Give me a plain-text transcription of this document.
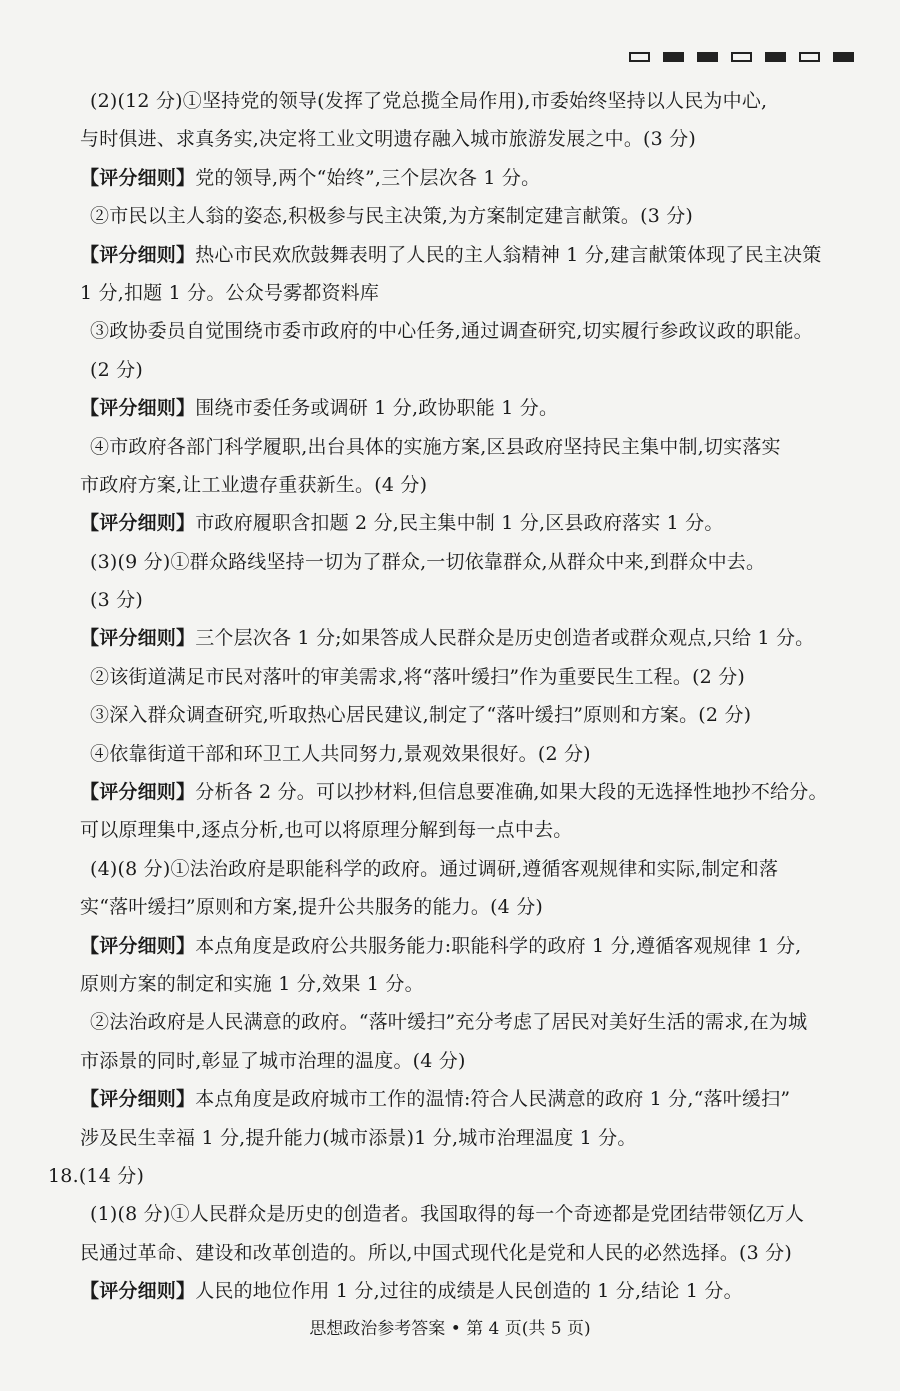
(2)(12 分)①坚持党的领导(发挥了党总揽全局作用),市委始终坚持以人民为中心,
与时俱进、求真务实,决定将工业文明遗存融入城市旅游发展之中。(3 分)
【评分细则】党的领导,两个“始终”,三个层次各 1 分。
②市民以主人翁的姿态,积极参与民主决策,为方案制定建言献策。(3 分)
【评分细则】热心市民欢欣鼓舞表明了人民的主人翁精神 1 分,建言献策体现了民主决策
1 分,扣题 1 分。公众号雾都资料库
③政协委员自觉围绕市委市政府的中心任务,通过调查研究,切实履行参政议政的职能。
(2 分)
【评分细则】围绕市委任务或调研 1 分,政协职能 1 分。
④市政府各部门科学履职,出台具体的实施方案,区县政府坚持民主集中制,切实落实
市政府方案,让工业遗存重获新生。(4 分)
【评分细则】市政府履职含扣题 2 分,民主集中制 1 分,区县政府落实 1 分。
(3)(9 分)①群众路线坚持一切为了群众,一切依靠群众,从群众中来,到群众中去。
(3 分)
【评分细则】三个层次各 1 分;如果答成人民群众是历史创造者或群众观点,只给 1 分。
②该街道满足市民对落叶的审美需求,将“落叶缓扫”作为重要民生工程。(2 分)
③深入群众调查研究,听取热心居民建议,制定了“落叶缓扫”原则和方案。(2 分)
④依靠街道干部和环卫工人共同努力,景观效果很好。(2 分)
【评分细则】分析各 2 分。可以抄材料,但信息要准确,如果大段的无选择性地抄不给分。
可以原理集中,逐点分析,也可以将原理分解到每一点中去。
(4)(8 分)①法治政府是职能科学的政府。通过调研,遵循客观规律和实际,制定和落
实“落叶缓扫”原则和方案,提升公共服务的能力。(4 分)
【评分细则】本点角度是政府公共服务能力:职能科学的政府 1 分,遵循客观规律 1 分,
原则方案的制定和实施 1 分,效果 1 分。
②法治政府是人民满意的政府。“落叶缓扫”充分考虑了居民对美好生活的需求,在为城
市添景的同时,彰显了城市治理的温度。(4 分)
【评分细则】本点角度是政府城市工作的温情:符合人民满意的政府 1 分,“落叶缓扫”
涉及民生幸福 1 分,提升能力(城市添景)1 分,城市治理温度 1 分。
18.(14 分)
(1)(8 分)①人民群众是历史的创造者。我国取得的每一个奇迹都是党团结带领亿万人
民通过革命、建设和改革创造的。所以,中国式现代化是党和人民的必然选择。(3 分)
【评分细则】人民的地位作用 1 分,过往的成绩是人民创造的 1 分,结论 1 分。
思想政治参考答案 • 第 4 页(共 5 页)
